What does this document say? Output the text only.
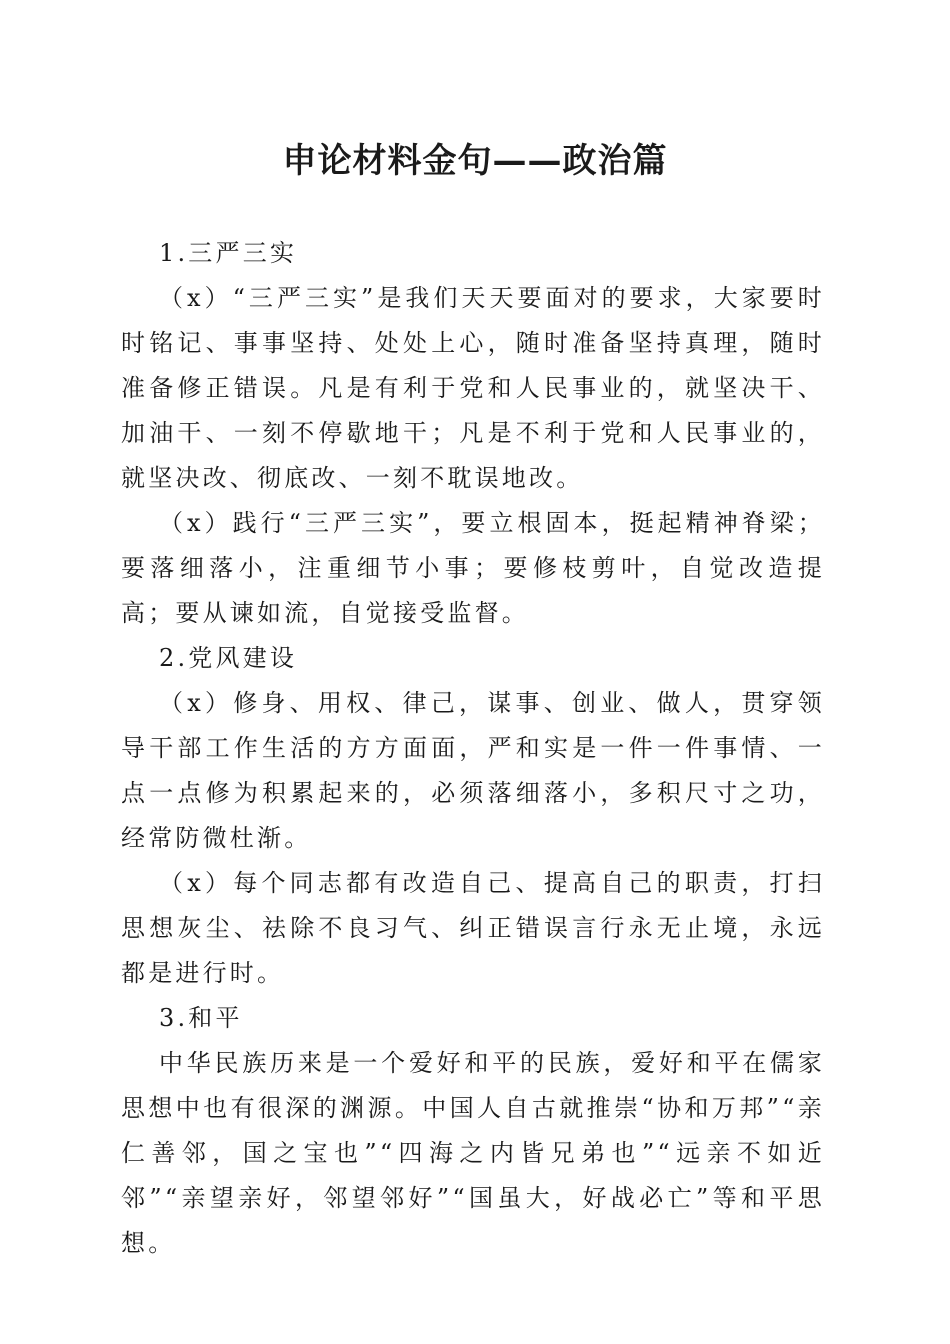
申论材料金句——政治篇

1.三严三实

（x）“三严三实”是我们天天要面对的要求，大家要时时铭记、事事坚持、处处上心，随时准备坚持真理，随时准备修正错误。凡是有利于党和人民事业的，就坚决干、加油干、一刻不停歇地干；凡是不利于党和人民事业的，就坚决改、彻底改、一刻不耽误地改。

（x）践行“三严三实”，要立根固本，挺起精神脊梁；要落细落小，注重细节小事；要修枝剪叶，自觉改造提高；要从谏如流，自觉接受监督。

2.党风建设

（x）修身、用权、律己，谋事、创业、做人，贯穿领导干部工作生活的方方面面，严和实是一件一件事情、一点一点修为积累起来的，必须落细落小，多积尺寸之功，经常防微杜渐。

（x）每个同志都有改造自己、提高自己的职责，打扫思想灰尘、祛除不良习气、纠正错误言行永无止境，永远都是进行时。

3.和平

中华民族历来是一个爱好和平的民族，爱好和平在儒家思想中也有很深的渊源。中国人自古就推崇“协和万邦”“亲仁善邻，国之宝也”“四海之内皆兄弟也”“远亲不如近邻”“亲望亲好，邻望邻好”“国虽大，好战必亡”等和平思想。
